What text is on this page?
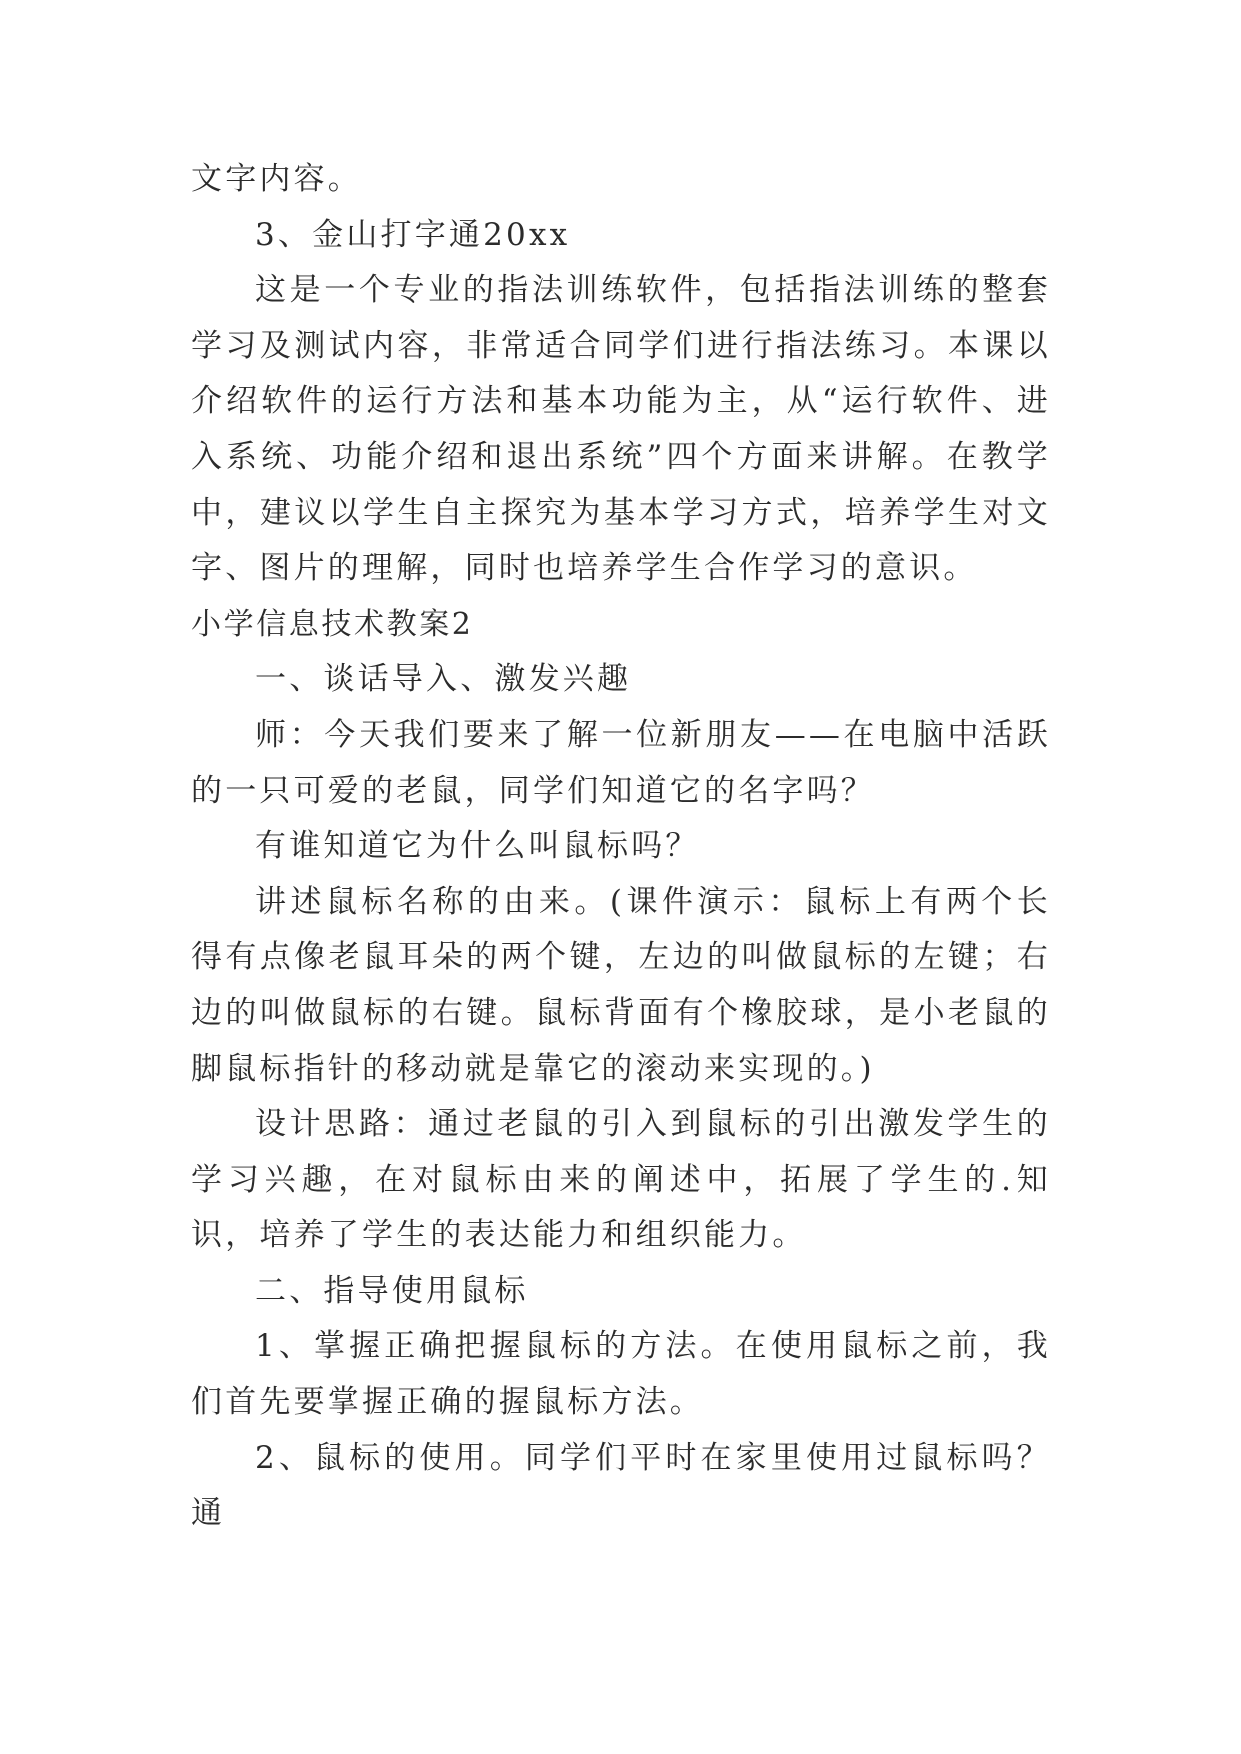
文字内容。

3、金山打字通20xx

这是一个专业的指法训练软件，包括指法训练的整套学习及测试内容，非常适合同学们进行指法练习。本课以介绍软件的运行方法和基本功能为主，从“运行软件、进入系统、功能介绍和退出系统”四个方面来讲解。在教学中，建议以学生自主探究为基本学习方式，培养学生对文字、图片的理解，同时也培养学生合作学习的意识。

小学信息技术教案2

一、谈话导入、激发兴趣

师：今天我们要来了解一位新朋友——在电脑中活跃的一只可爱的老鼠，同学们知道它的名字吗？

有谁知道它为什么叫鼠标吗？

讲述鼠标名称的由来。(课件演示：鼠标上有两个长得有点像老鼠耳朵的两个键，左边的叫做鼠标的左键；右边的叫做鼠标的右键。鼠标背面有个橡胶球，是小老鼠的脚鼠标指针的移动就是靠它的滚动来实现的。)

设计思路：通过老鼠的引入到鼠标的引出激发学生的学习兴趣，在对鼠标由来的阐述中，拓展了学生的.知识，培养了学生的表达能力和组织能力。

二、指导使用鼠标

1、掌握正确把握鼠标的方法。在使用鼠标之前，我们首先要掌握正确的握鼠标方法。

2、鼠标的使用。同学们平时在家里使用过鼠标吗？通
